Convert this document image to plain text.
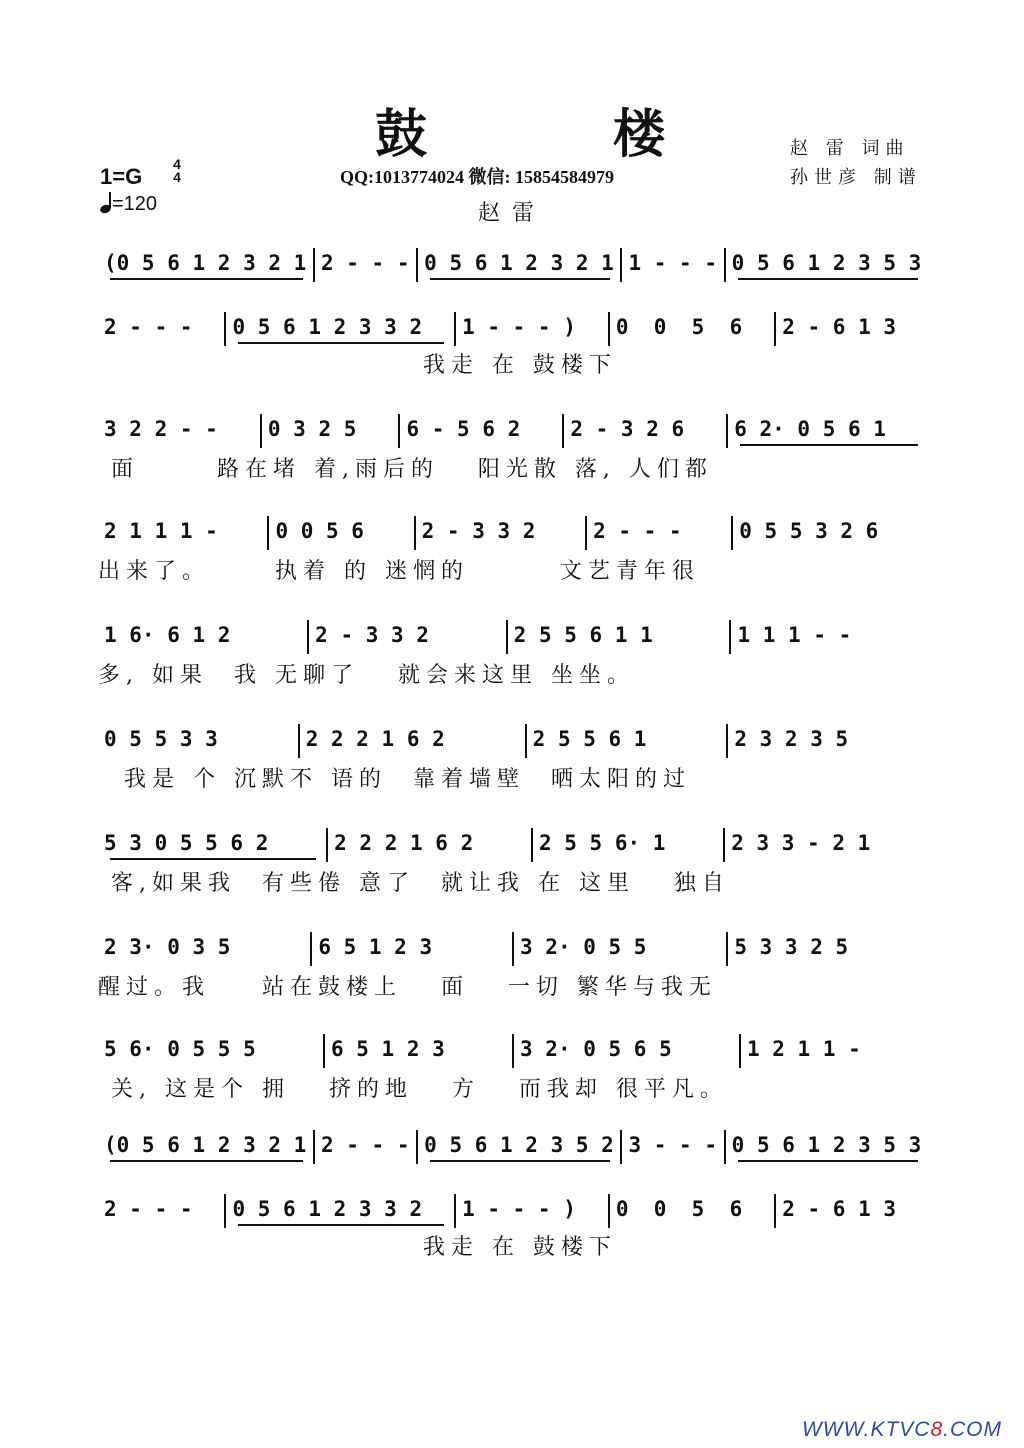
鼓	楼
QQ:1013774024 微信: 15854584979
赵 雷 词曲
孙世彦 制谱
1=G 4
4
=120	赵雷
(0 5 6 1 2 3 2 1 2 - - - 0 5 6 1 2 3 2 1 1 - - - 0 5 6 1 2 3 5 3
2 - - -	0 5 6 1 2 3 3 2	1 - - - )	0  0  5  6	2 - 6 1 3
我走 在 鼓楼下
3 2 2 - -	0 3 2 5	6 - 5 6 2	2 - 3 2 6	6 2· 0 5 6 1
面      路在堵 着,雨后的   阳光散 落, 人们都
2 1 1 1 -	0 0 5 6	2 - 3 3 2	2 - - -	0 5 5 3 2 6
出来了。     执着 的 迷惘的       文艺青年很
1 6· 6 1 2	2 - 3 3 2	2 5 5 6 1 1	1 1 1 - -
多, 如果  我 无聊了   就会来这里 坐坐。
0 5 5 3 3	2 2 2 1 6 2	2 5 5 6 1	2 3 2 3 5
我是 个 沉默不 语的  靠着墙壁  晒太阳的过
5 3 0 5 5 6 2	2 2 2 1 6 2	2 5 5 6· 1	2 3 3 - 2 1
客,如果我  有些倦 意了  就让我 在 这里   独自
2 3· 0 3 5	6 5 1 2 3	3 2· 0 5 5	5 3 3 2 5
醒过。我    站在鼓楼上   面   一切 繁华与我无
5 6· 0 5 5 5	6 5 1 2 3	3 2· 0 5 6 5	1 2 1 1 -
关, 这是个 拥   挤的地   方   而我却 很平凡。
(0 5 6 1 2 3 2 1 2 - - - 0 5 6 1 2 3 5 2 3 - - - 0 5 6 1 2 3 5 3
2 - - -	0 5 6 1 2 3 3 2	1 - - - )	0  0  5  6	2 - 6 1 3
我走 在 鼓楼下
WWW.KTVC8.COM
